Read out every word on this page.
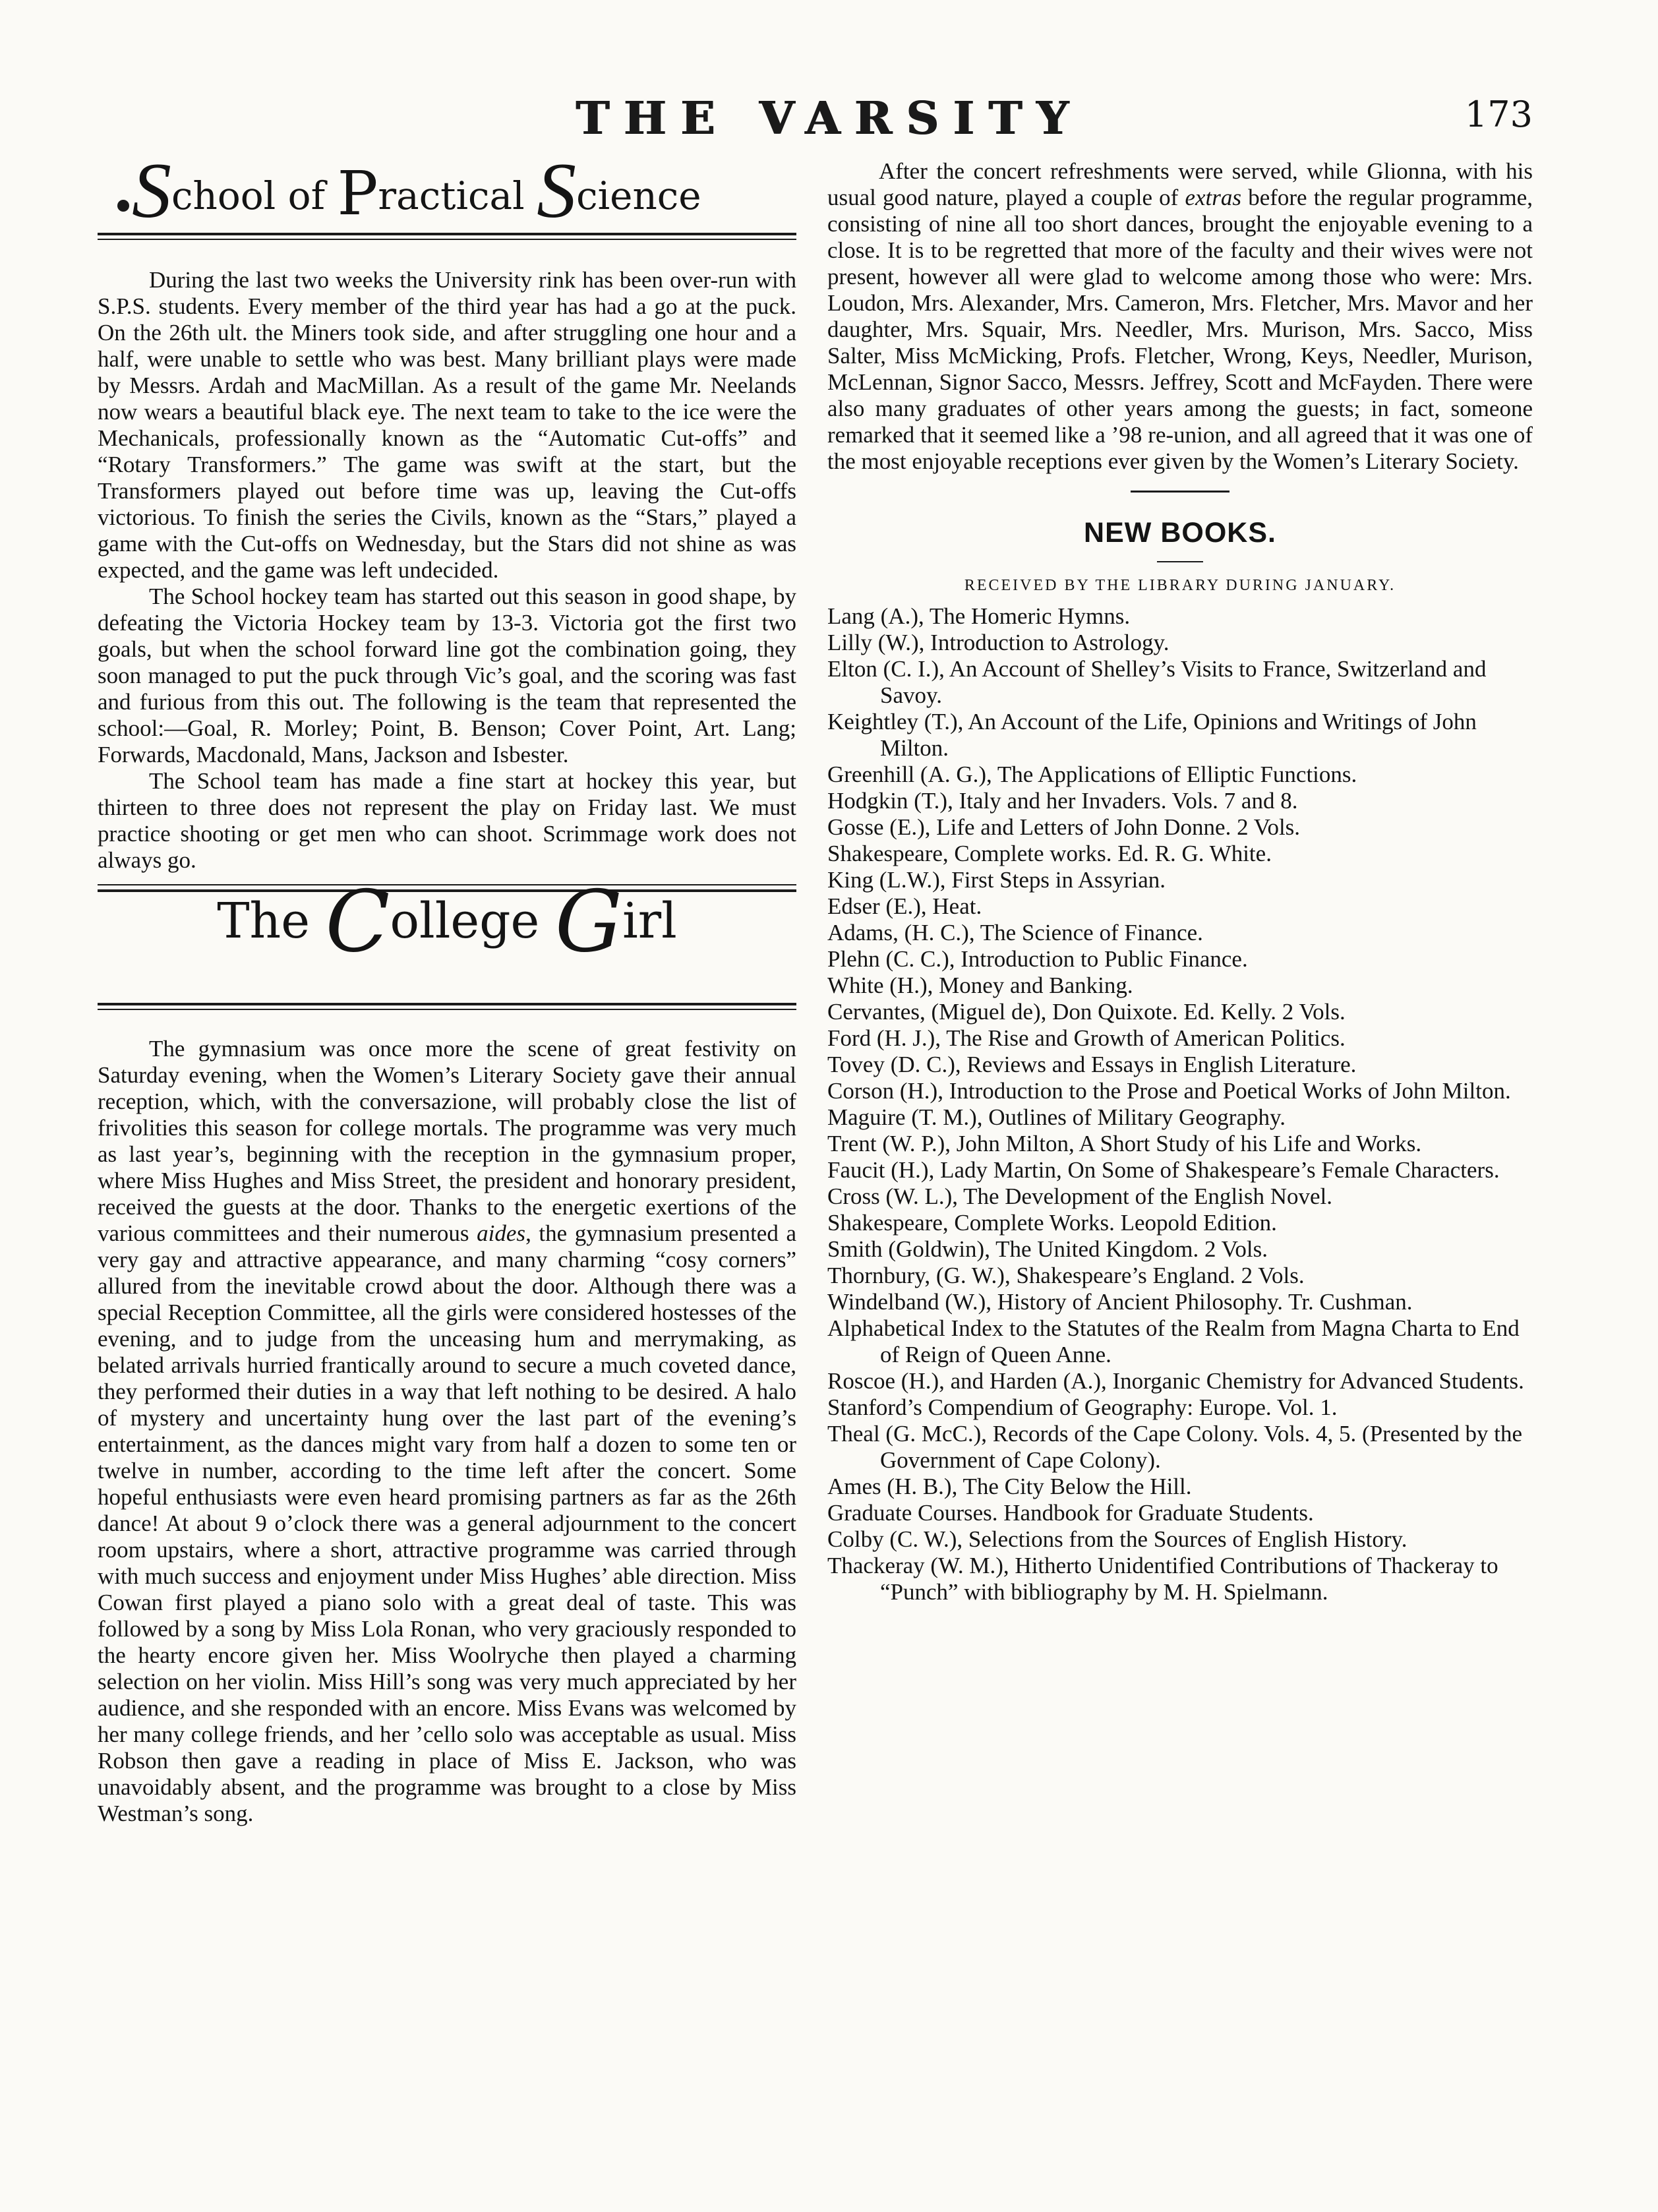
THE VARSITY	173
School of Practical Science

During the last two weeks the University rink has been over-run with S.P.S. students. Every member of the third year has had a go at the puck. On the 26th ult. the Miners took side, and after struggling one hour and a half, were unable to settle who was best. Many brilliant plays were made by Messrs. Ardah and MacMillan. As a result of the game Mr. Neelands now wears a beautiful black eye. The next team to take to the ice were the Mechanicals, professionally known as the “Automatic Cut-offs” and “Rotary Transformers.” The game was swift at the start, but the Transformers played out before time was up, leaving the Cut-offs victorious. To finish the series the Civils, known as the “Stars,” played a game with the Cut-offs on Wednesday, but the Stars did not shine as was expected, and the game was left undecided.

The School hockey team has started out this season in good shape, by defeating the Victoria Hockey team by 13-3. Victoria got the first two goals, but when the school forward line got the combination going, they soon managed to put the puck through Vic’s goal, and the scoring was fast and furious from this out. The following is the team that represented the school:—Goal, R. Morley; Point, B. Benson; Cover Point, Art. Lang; Forwards, Macdonald, Mans, Jackson and Isbester.

The School team has made a fine start at hockey this year, but thirteen to three does not represent the play on Friday last. We must practice shooting or get men who can shoot. Scrimmage work does not always go.

The College Girl

The gymnasium was once more the scene of great festivity on Saturday evening, when the Women’s Literary Society gave their annual reception, which, with the conversazione, will probably close the list of frivolities this season for college mortals. The programme was very much as last year’s, beginning with the reception in the gymnasium proper, where Miss Hughes and Miss Street, the president and honorary president, received the guests at the door. Thanks to the energetic exertions of the various committees and their numerous aides, the gymnasium presented a very gay and attractive appearance, and many charming “cosy corners” allured from the inevitable crowd about the door. Although there was a special Reception Committee, all the girls were considered hostesses of the evening, and to judge from the unceasing hum and merrymaking, as belated arrivals hurried frantically around to secure a much coveted dance, they performed their duties in a way that left nothing to be desired. A halo of mystery and uncertainty hung over the last part of the evening’s entertainment, as the dances might vary from half a dozen to some ten or twelve in number, according to the time left after the concert. Some hopeful enthusiasts were even heard promising partners as far as the 26th dance! At about 9 o’clock there was a general adjournment to the concert room upstairs, where a short, attractive programme was carried through with much success and enjoyment under Miss Hughes’ able direction. Miss Cowan first played a piano solo with a great deal of taste. This was followed by a song by Miss Lola Ronan, who very graciously responded to the hearty encore given her. Miss Woolryche then played a charming selection on her violin. Miss Hill’s song was very much appreciated by her audience, and she responded with an encore. Miss Evans was welcomed by her many college friends, and her ’cello solo was acceptable as usual. Miss Robson then gave a reading in place of Miss E. Jackson, who was unavoidably absent, and the programme was brought to a close by Miss Westman’s song.

After the concert refreshments were served, while Glionna, with his usual good nature, played a couple of extras before the regular programme, consisting of nine all too short dances, brought the enjoyable evening to a close. It is to be regretted that more of the faculty and their wives were not present, however all were glad to welcome among those who were: Mrs. Loudon, Mrs. Alexander, Mrs. Cameron, Mrs. Fletcher, Mrs. Mavor and her daughter, Mrs. Squair, Mrs. Needler, Mrs. Murison, Mrs. Sacco, Miss Salter, Miss McMicking, Profs. Fletcher, Wrong, Keys, Needler, Murison, McLennan, Signor Sacco, Messrs. Jeffrey, Scott and McFayden. There were also many graduates of other years among the guests; in fact, someone remarked that it seemed like a ’98 re-union, and all agreed that it was one of the most enjoyable receptions ever given by the Women’s Literary Society.

NEW BOOKS.
RECEIVED BY THE LIBRARY DURING JANUARY.
Lang (A.), The Homeric Hymns.
Lilly (W.), Introduction to Astrology.
Elton (C. I.), An Account of Shelley’s Visits to France, Switzerland and Savoy.
Keightley (T.), An Account of the Life, Opinions and Writings of John Milton.
Greenhill (A. G.), The Applications of Elliptic Functions.
Hodgkin (T.), Italy and her Invaders. Vols. 7 and 8.
Gosse (E.), Life and Letters of John Donne. 2 Vols.
Shakespeare, Complete works. Ed. R. G. White.
King (L.W.), First Steps in Assyrian.
Edser (E.), Heat.
Adams, (H. C.), The Science of Finance.
Plehn (C. C.), Introduction to Public Finance.
White (H.), Money and Banking.
Cervantes, (Miguel de), Don Quixote. Ed. Kelly. 2 Vols.
Ford (H. J.), The Rise and Growth of American Politics.
Tovey (D. C.), Reviews and Essays in English Literature.
Corson (H.), Introduction to the Prose and Poetical Works of John Milton.
Maguire (T. M.), Outlines of Military Geography.
Trent (W. P.), John Milton, A Short Study of his Life and Works.
Faucit (H.), Lady Martin, On Some of Shakespeare’s Female Characters.
Cross (W. L.), The Development of the English Novel.
Shakespeare, Complete Works. Leopold Edition.
Smith (Goldwin), The United Kingdom. 2 Vols.
Thornbury, (G. W.), Shakespeare’s England. 2 Vols.
Windelband (W.), History of Ancient Philosophy. Tr. Cushman.
Alphabetical Index to the Statutes of the Realm from Magna Charta to End of Reign of Queen Anne.
Roscoe (H.), and Harden (A.), Inorganic Chemistry for Advanced Students.
Stanford’s Compendium of Geography: Europe. Vol. 1.
Theal (G. McC.), Records of the Cape Colony. Vols. 4, 5. (Presented by the Government of Cape Colony).
Ames (H. B.), The City Below the Hill.
Graduate Courses. Handbook for Graduate Students.
Colby (C. W.), Selections from the Sources of English History.
Thackeray (W. M.), Hitherto Unidentified Contributions of Thackeray to “Punch” with bibliography by M. H. Spielmann.
